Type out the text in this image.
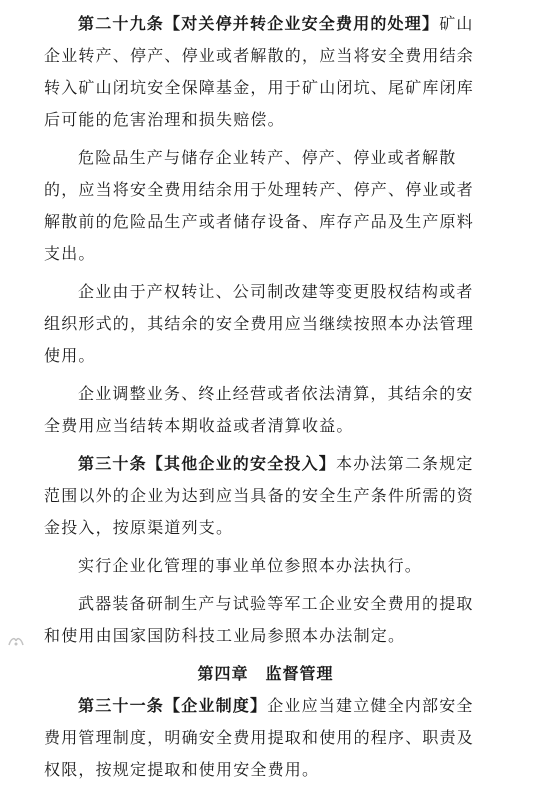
第二十九条【对关停并转企业安全费用的处理】矿山企业转产、停产、停业或者解散的，应当将安全费用结余转入矿山闭坑安全保障基金，用于矿山闭坑、尾矿库闭库后可能的危害治理和损失赔偿。

危险品生产与储存企业转产、停产、停业或者解散的，应当将安全费用结余用于处理转产、停产、停业或者解散前的危险品生产或者储存设备、库存产品及生产原料支出。

企业由于产权转让、公司制改建等变更股权结构或者组织形式的，其结余的安全费用应当继续按照本办法管理使用。

企业调整业务、终止经营或者依法清算，其结余的安全费用应当结转本期收益或者清算收益。

第三十条【其他企业的安全投入】本办法第二条规定范围以外的企业为达到应当具备的安全生产条件所需的资金投入，按原渠道列支。

实行企业化管理的事业单位参照本办法执行。

武器装备研制生产与试验等军工企业安全费用的提取和使用由国家国防科技工业局参照本办法制定。

第四章　监督管理

第三十一条【企业制度】企业应当建立健全内部安全费用管理制度，明确安全费用提取和使用的程序、职责及权限，按规定提取和使用安全费用。
